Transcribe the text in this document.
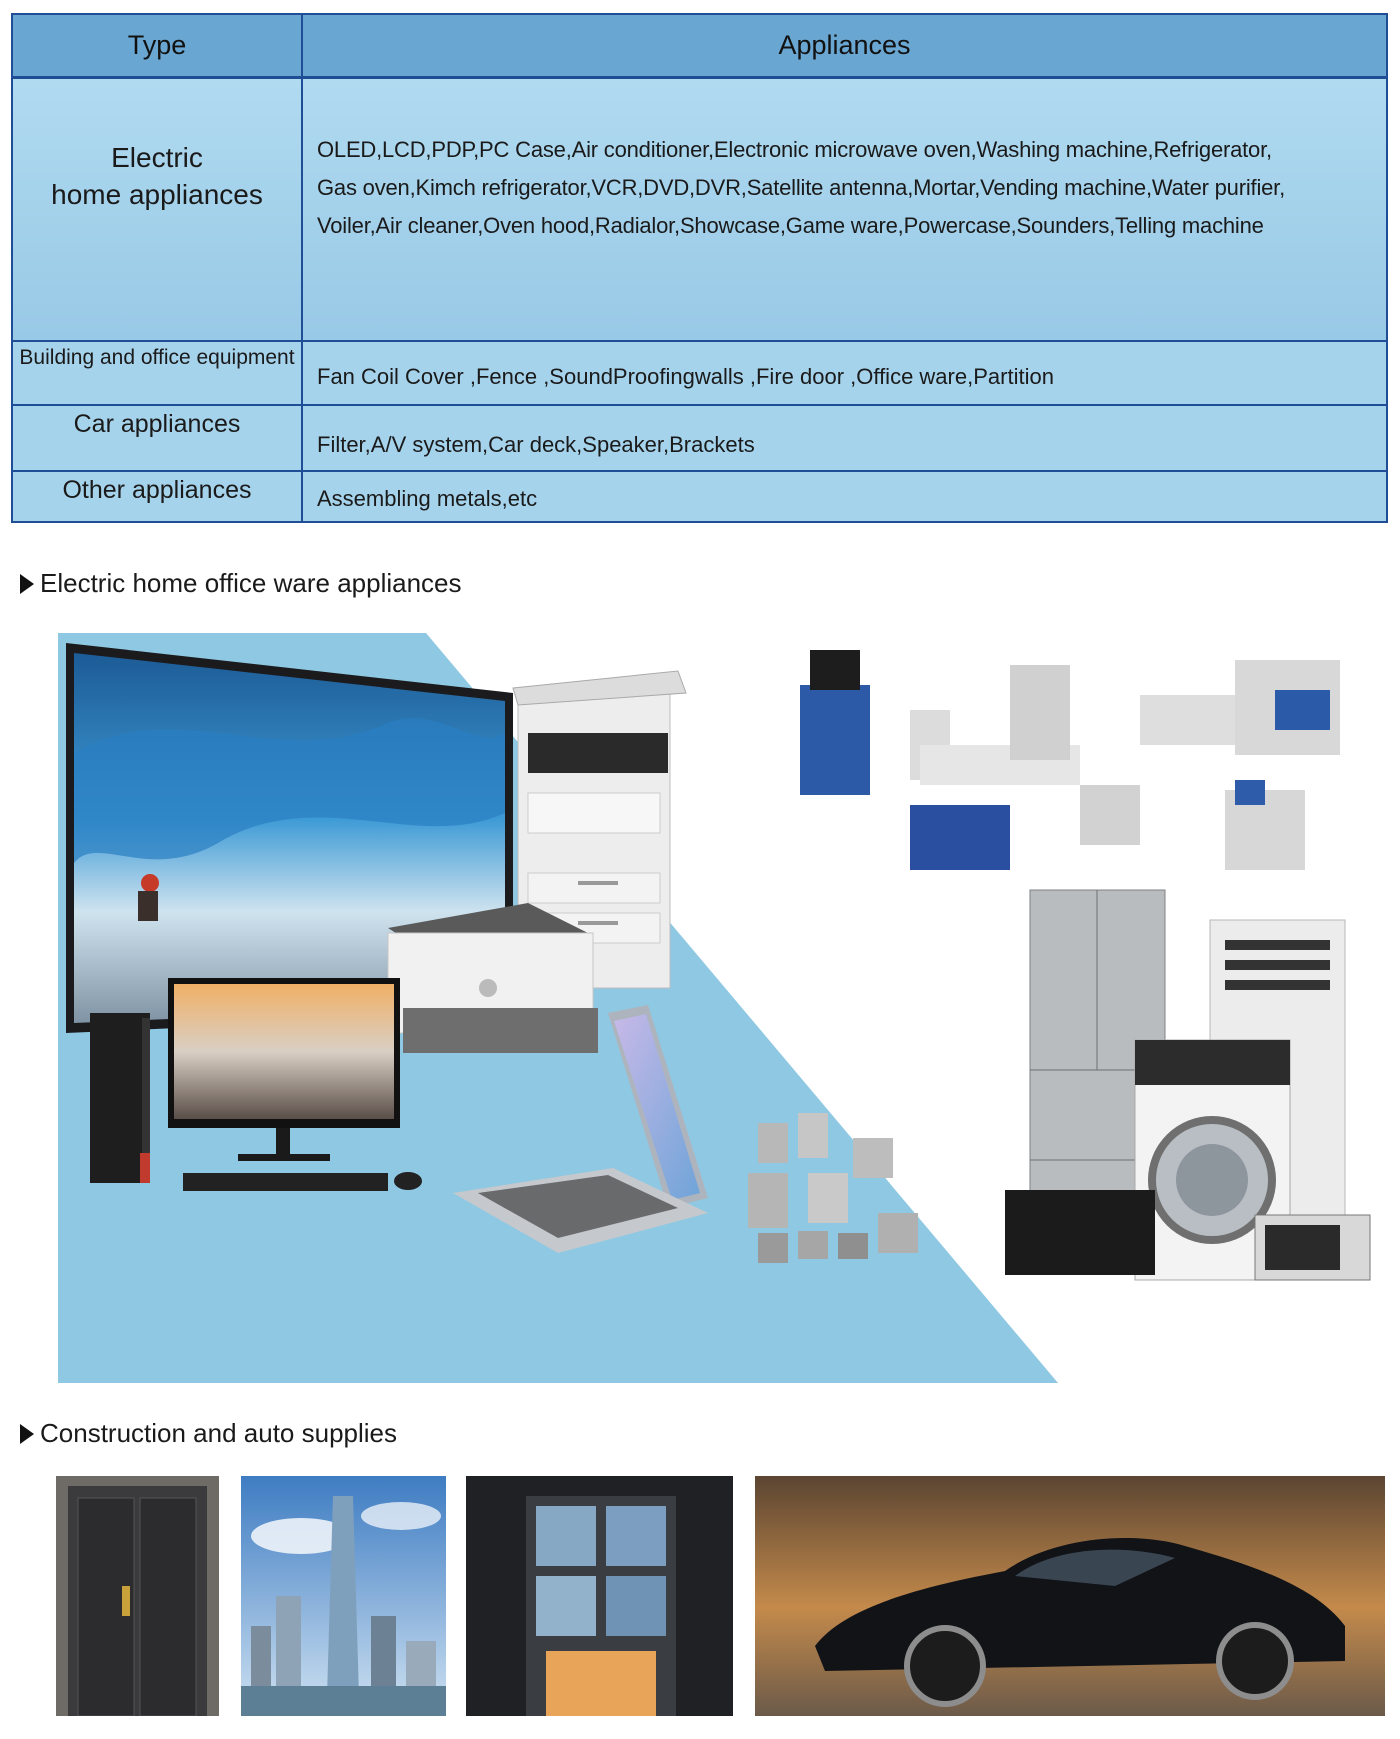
Type	Appliances
Electric
home appliances
OLED,LCD,PDP,PC Case,Air conditioner,Electronic microwave oven,Washing machine,Refrigerator,
Gas oven,Kimch refrigerator,VCR,DVD,DVR,Satellite antenna,Mortar,Vending machine,Water purifier,
Voiler,Air cleaner,Oven hood,Radialor,Showcase,Game ware,Powercase,Sounders,Telling machine
Building and office equipment
Fan Coil Cover ,Fence ,SoundProofingwalls ,Fire door ,Office ware,Partition
Car appliances
Filter,A/V system,Car deck,Speaker,Brackets
Other appliances	Assembling metals,etc
Electric home office ware appliances
Construction and auto supplies
